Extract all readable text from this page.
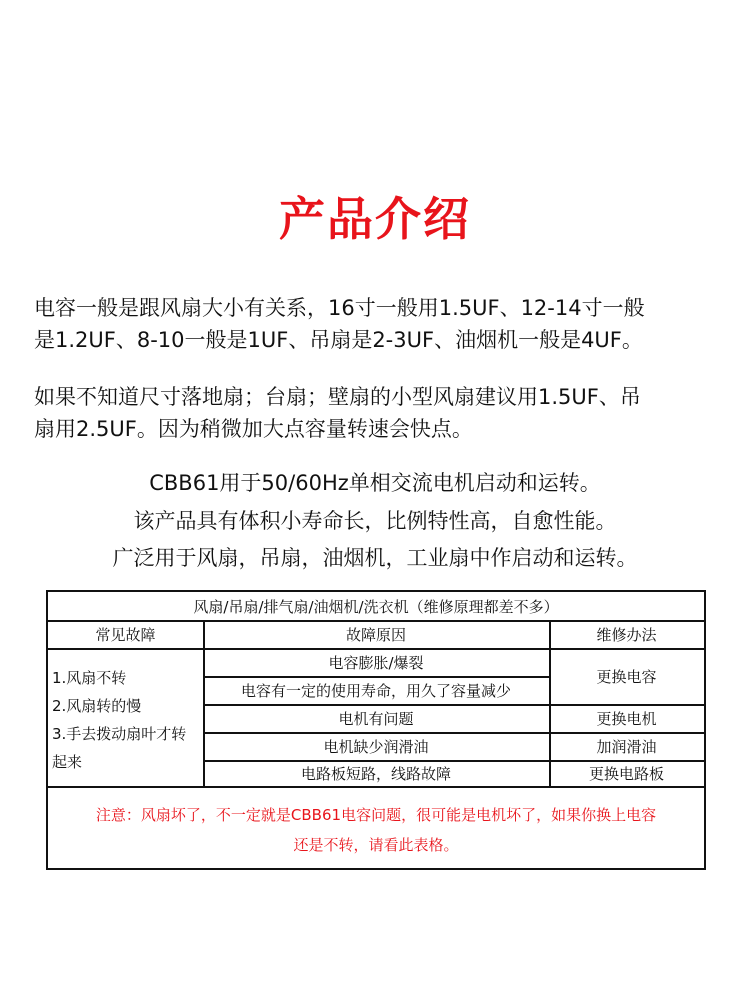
产品介绍
电容一般是跟风扇大小有关系，16寸一般用1.5UF、12-14寸一般
是1.2UF、8-10一般是1UF、吊扇是2-3UF、油烟机一般是4UF。
如果不知道尺寸落地扇；台扇；壁扇的小型风扇建议用1.5UF、吊
扇用2.5UF。因为稍微加大点容量转速会快点。
CBB61用于50/60Hz单相交流电机启动和运转。
该产品具有体积小寿命长，比例特性高，自愈性能。
广泛用于风扇，吊扇，油烟机，工业扇中作启动和运转。
风扇/吊扇/排气扇/油烟机/洗衣机（维修原理都差不多）
常见故障	故障原因	维修办法
1.风扇不转
2.风扇转的慢
3.手去拨动扇叶才转
起来
电容膨胀/爆裂
电容有一定的使用寿命，用久了容量减少
电机有问题
电机缺少润滑油
电路板短路，线路故障
更换电容
更换电机
加润滑油
更换电路板
注意：风扇坏了，不一定就是CBB61电容问题，很可能是电机坏了，如果你换上电容
还是不转，请看此表格。
